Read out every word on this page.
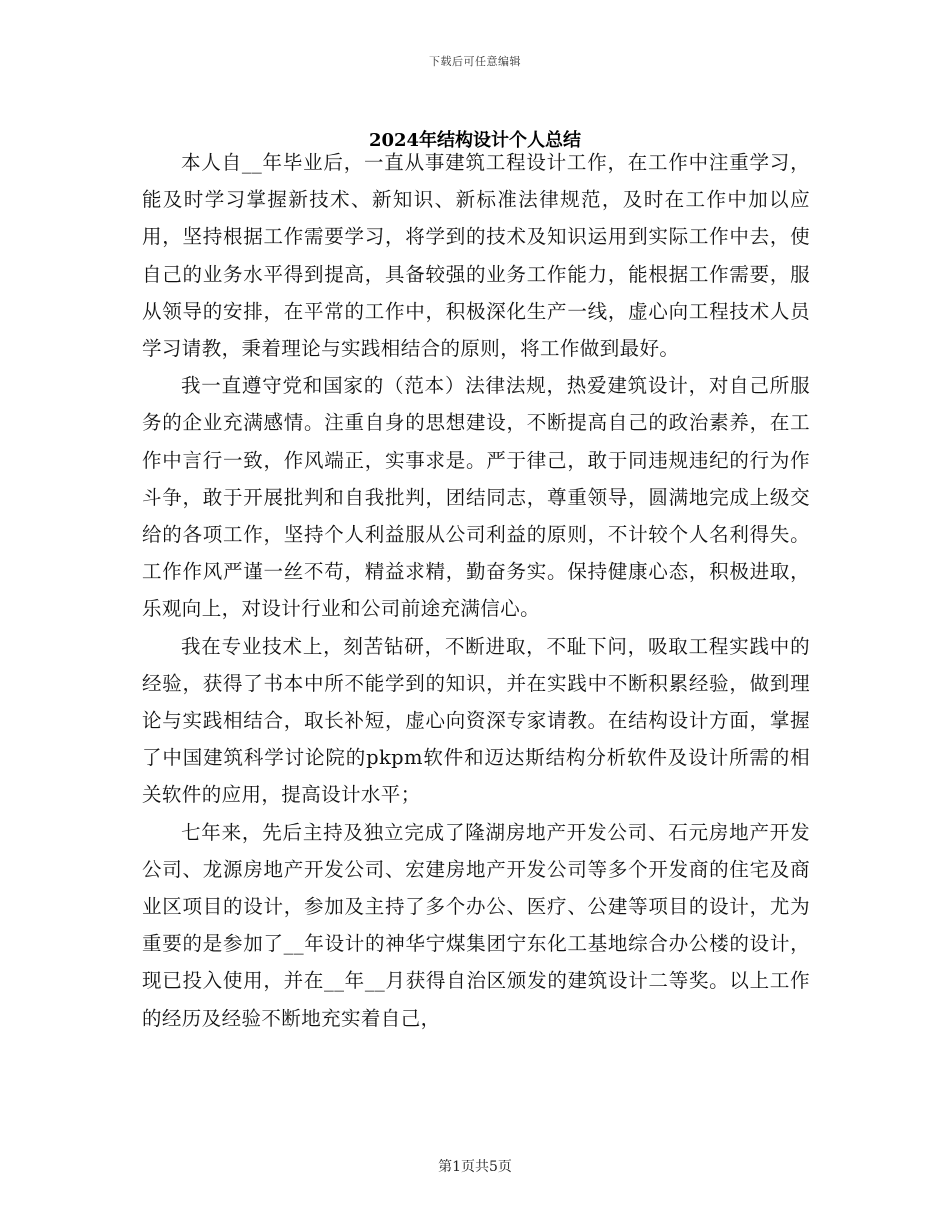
下载后可任意编辑
2024年结构设计个人总结

本人自__年毕业后，一直从事建筑工程设计工作，在工作中注重学习，能及时学习掌握新技术、新知识、新标准法律规范，及时在工作中加以应用，坚持根据工作需要学习，将学到的技术及知识运用到实际工作中去，使自己的业务水平得到提高，具备较强的业务工作能力，能根据工作需要，服从领导的安排，在平常的工作中，积极深化生产一线，虚心向工程技术人员学习请教，秉着理论与实践相结合的原则，将工作做到最好。

我一直遵守党和国家的（范本）法律法规，热爱建筑设计，对自己所服务的企业充满感情。注重自身的思想建设，不断提高自己的政治素养，在工作中言行一致，作风端正，实事求是。严于律己，敢于同违规违纪的行为作斗争，敢于开展批判和自我批判，团结同志，尊重领导，圆满地完成上级交给的各项工作，坚持个人利益服从公司利益的原则，不计较个人名利得失。工作作风严谨一丝不苟，精益求精，勤奋务实。保持健康心态，积极进取，乐观向上，对设计行业和公司前途充满信心。

我在专业技术上，刻苦钻研，不断进取，不耻下问，吸取工程实践中的经验，获得了书本中所不能学到的知识，并在实践中不断积累经验，做到理论与实践相结合，取长补短，虚心向资深专家请教。在结构设计方面，掌握了中国建筑科学讨论院的pkpm软件和迈达斯结构分析软件及设计所需的相关软件的应用，提高设计水平；

七年来，先后主持及独立完成了隆湖房地产开发公司、石元房地产开发公司、龙源房地产开发公司、宏建房地产开发公司等多个开发商的住宅及商业区项目的设计，参加及主持了多个办公、医疗、公建等项目的设计，尤为重要的是参加了__年设计的神华宁煤集团宁东化工基地综合办公楼的设计，现已投入使用，并在__年__月获得自治区颁发的建筑设计二等奖。以上工作的经历及经验不断地充实着自己，

第1页共5页
